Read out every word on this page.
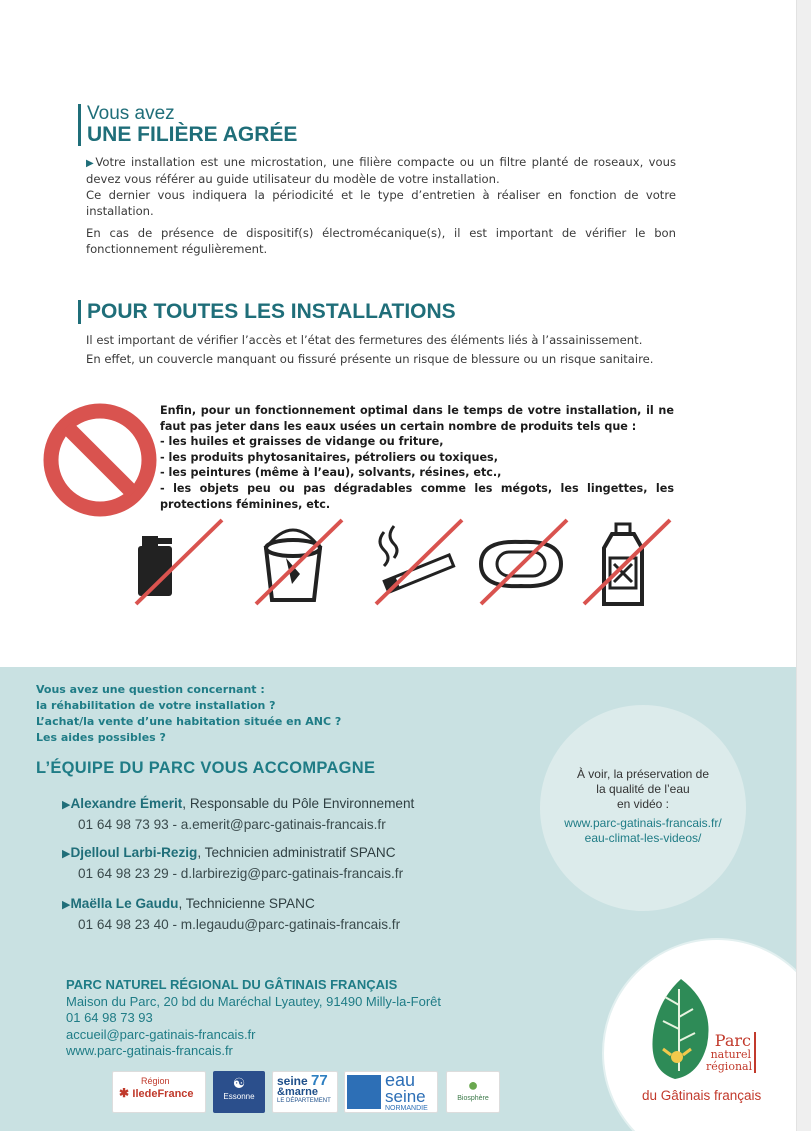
Vous avez
UNE FILIÈRE AGRÉE

▶Votre installation est une microstation, une filière compacte ou un filtre planté de roseaux, vous devez vous référer au guide utilisateur du modèle de votre installation.

Ce dernier vous indiquera la périodicité et le type d’entretien à réaliser en fonction de votre installation.

En cas de présence de dispositif(s) électromécanique(s), il est important de vérifier le bon fonctionnement régulièrement.

POUR TOUTES LES INSTALLATIONS

Il est important de vérifier l’accès et l’état des fermetures des éléments liés à l’assainissement.

En effet, un couvercle manquant ou fissuré présente un risque de blessure ou un risque sanitaire.

Enfin, pour un fonctionnement optimal dans le temps de votre installation, il ne faut pas jeter dans les eaux usées un certain nombre de produits tels que :
- les huiles et graisses de vidange ou friture,
- les produits phytosanitaires, pétroliers ou toxiques,
- les peintures (même à l’eau), solvants, résines, etc.,
- les objets peu ou pas dégradables comme les mégots, les lingettes, les protections féminines, etc.
Vous avez une question concernant :
la réhabilitation de votre installation ?
L’achat/la vente d’une habitation située en ANC ?
Les aides possibles ?
L’ÉQUIPE DU PARC VOUS ACCOMPAGNE
▶Alexandre Émerit, Responsable du Pôle Environnement
01 64 98 73 93 - a.emerit@parc-gatinais-francais.fr
▶Djelloul Larbi-Rezig, Technicien administratif SPANC
01 64 98 23 29 - d.larbirezig@parc-gatinais-francais.fr
▶Maëlla Le Gaudu, Technicienne SPANC
01 64 98 23 40 - m.legaudu@parc-gatinais-francais.fr
À voir, la préservation de
la qualité de l’eau
en vidéo :
www.parc-gatinais-francais.fr/
eau-climat-les-videos/
PARC NATUREL RÉGIONAL DU GÂTINAIS FRANÇAIS
Maison du Parc, 20 bd du Maréchal Lyautey, 91490 Milly-la-Forêt
01 64 98 73 93
accueil@parc-gatinais-francais.fr
www.parc-gatinais-francais.fr
Parc
naturel
régional
du Gâtinais français
Région
✱ IledeFrance
☯
Essonne
seine 77
&marne
LE DÉPARTEMENT
eau
seine
NORMANDIE
●
Biosphère
